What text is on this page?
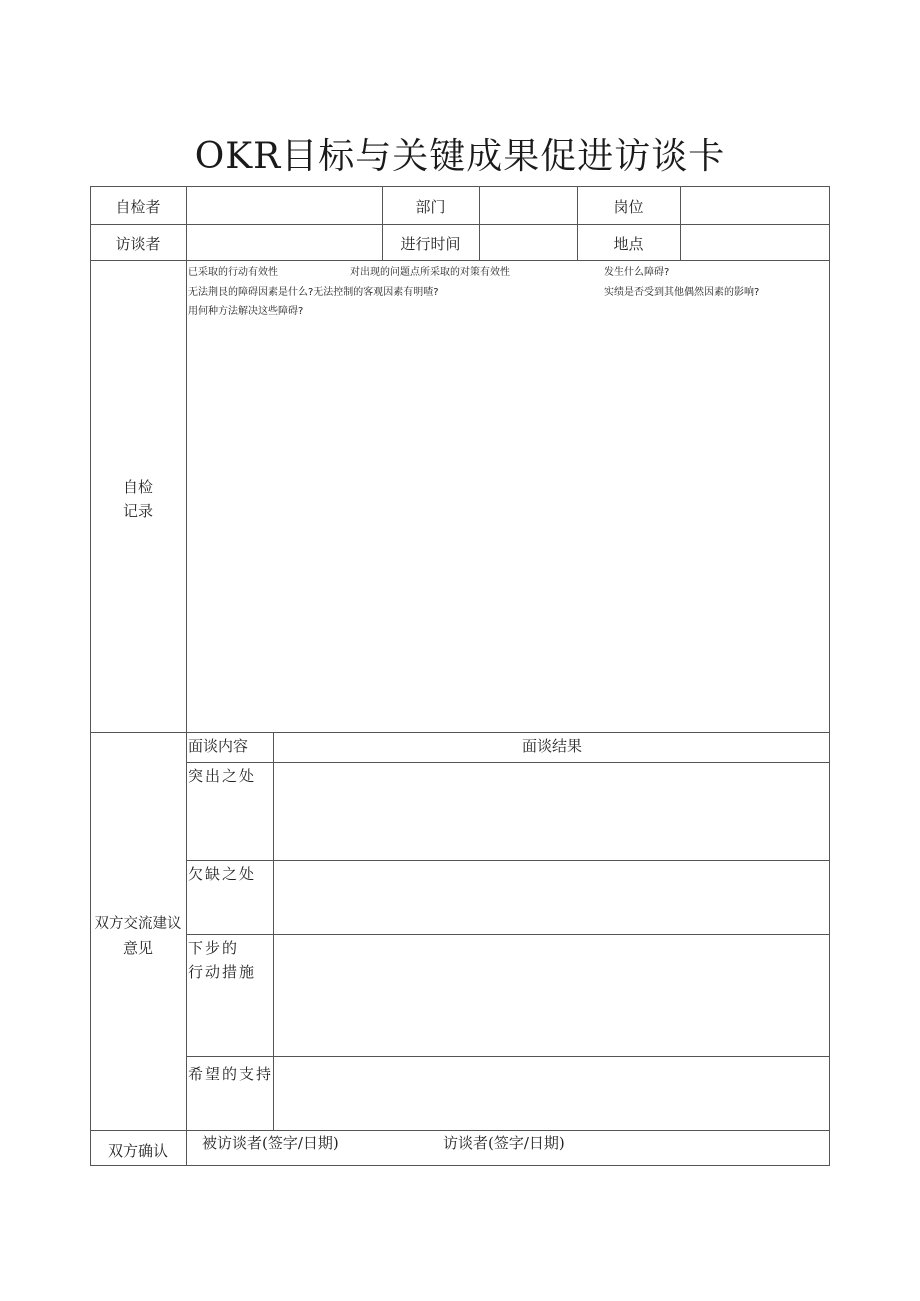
OKR目标与关键成果促进访谈卡
自检者	部门	岗位
访谈者	进行时间	地点
自检
记录
已采取的行动有效性	对出现的问题点所采取的对策有效性	发生什么障碍?
无法荆艮的障碍因素是什么?无法控制的客观因素有明喳?	实绩是否受到其他偶然因素的影响?
用何种方法解决这些障碍?
双方交流建议
意见
面谈内容	面谈结果
突出之处
欠缺之处
下步的
行动措施
希望的支持
双方确认	被访谈者(签字/日期)	访谈者(签字/日期)
